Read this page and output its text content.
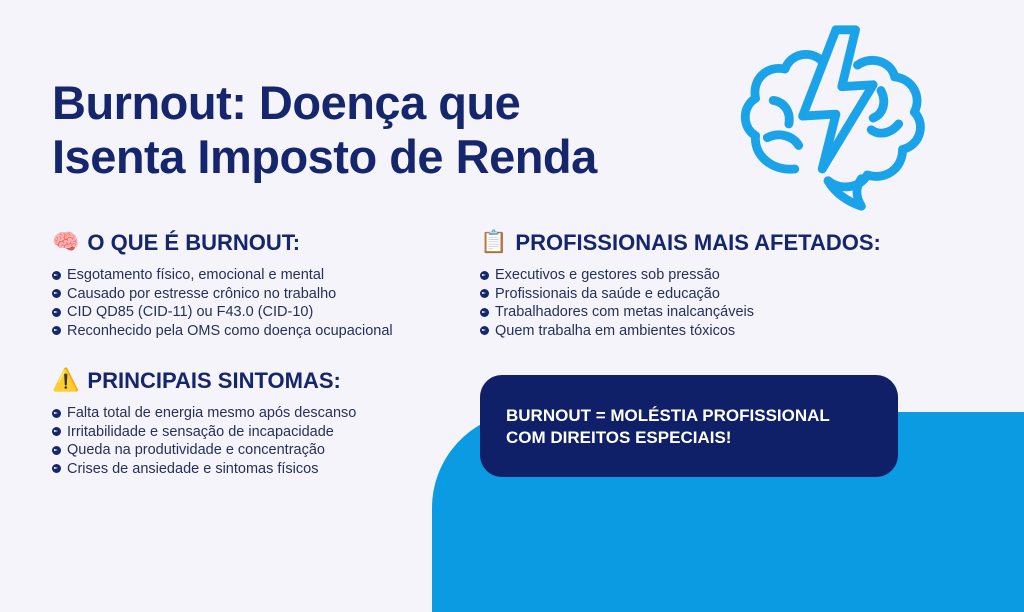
Burnout: Doença que
Isenta Imposto de Renda
🧠 O QUE É BURNOUT:
Esgotamento físico, emocional e mental
Causado por estresse crônico no trabalho
CID QD85 (CID-11) ou F43.0 (CID-10)
Reconhecido pela OMS como doença ocupacional
⚠️ PRINCIPAIS SINTOMAS:
Falta total de energia mesmo após descanso
Irritabilidade e sensação de incapacidade
Queda na produtividade e concentração
Crises de ansiedade e sintomas físicos
📋 PROFISSIONAIS MAIS AFETADOS:
Executivos e gestores sob pressão
Profissionais da saúde e educação
Trabalhadores com metas inalcançáveis
Quem trabalha em ambientes tóxicos
BURNOUT = MOLÉSTIA PROFISSIONAL
COM DIREITOS ESPECIAIS!
